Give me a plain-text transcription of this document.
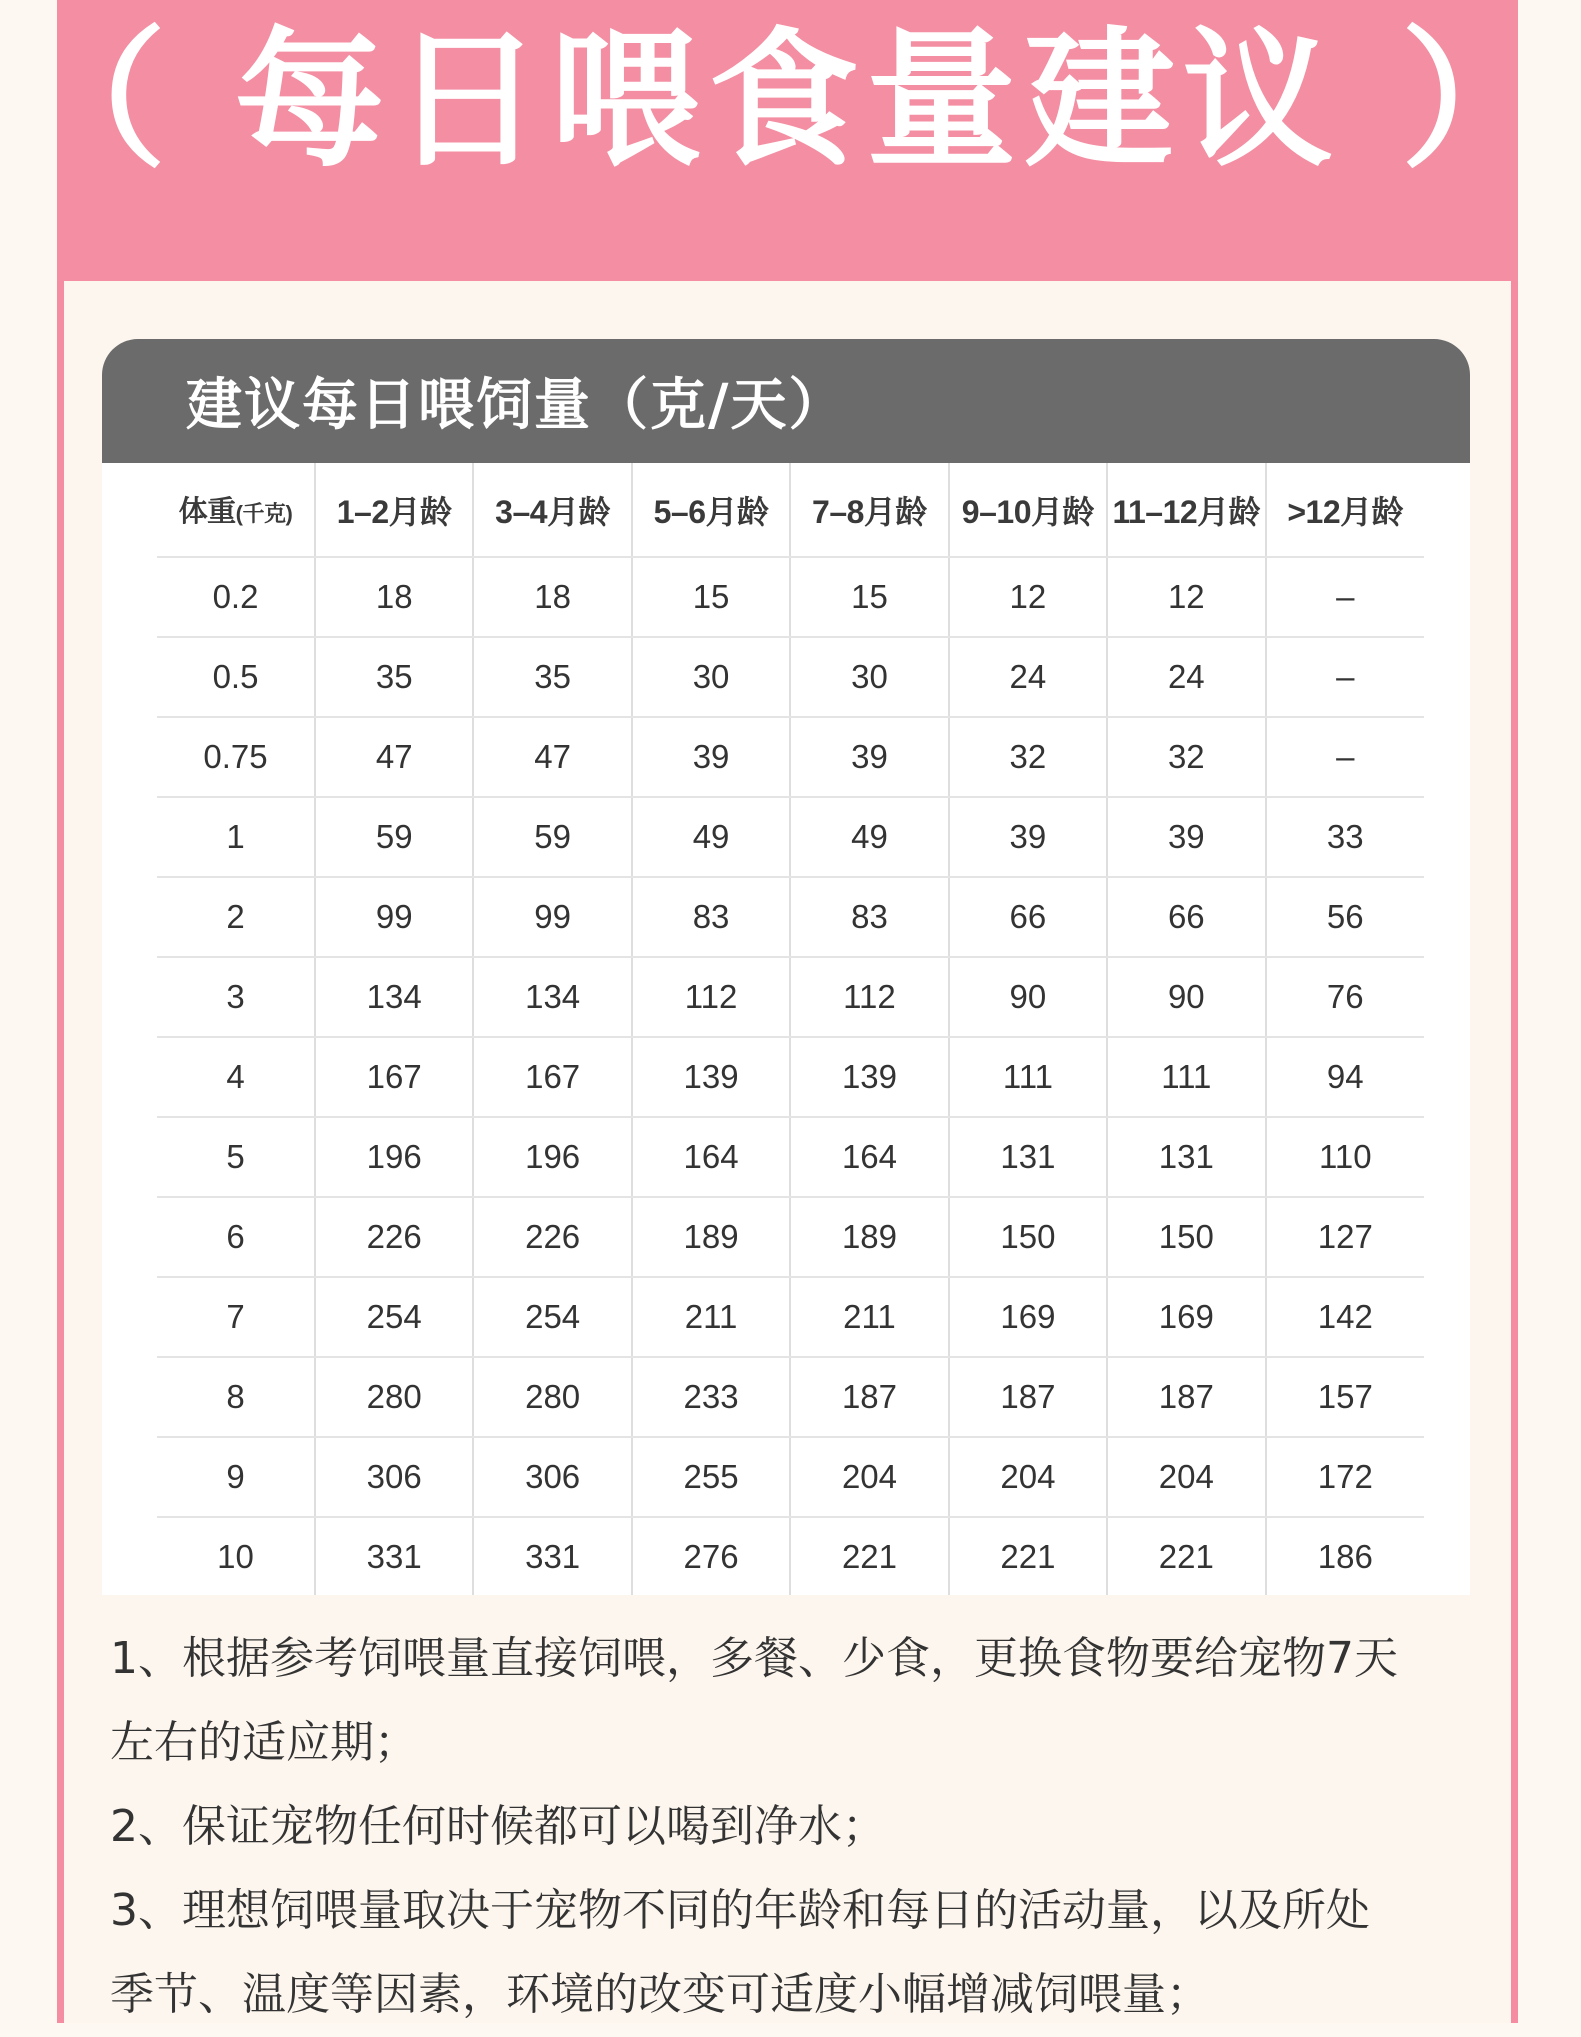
（ 每日喂食量建议 ）
建议每日喂饲量（克/天）
体重(千克)	1–2月龄	3–4月龄	5–6月龄	7–8月龄	9–10月龄	11–12月龄	>12月龄
0.2	18	18	15	15	12	12	–
0.5	35	35	30	30	24	24	–
0.75	47	47	39	39	32	32	–
1	59	59	49	49	39	39	33
2	99	99	83	83	66	66	56
3	134	134	112	112	90	90	76
4	167	167	139	139	111	111	94
5	196	196	164	164	131	131	110
6	226	226	189	189	150	150	127
7	254	254	211	211	169	169	142
8	280	280	233	187	187	187	157
9	306	306	255	204	204	204	172
10	331	331	276	221	221	221	186

1、根据参考饲喂量直接饲喂，多餐、少食，更换食物要给宠物7天

左右的适应期；

2、保证宠物任何时候都可以喝到净水；

3、理想饲喂量取决于宠物不同的年龄和每日的活动量，以及所处

季节、温度等因素，环境的改变可适度小幅增减饲喂量；
